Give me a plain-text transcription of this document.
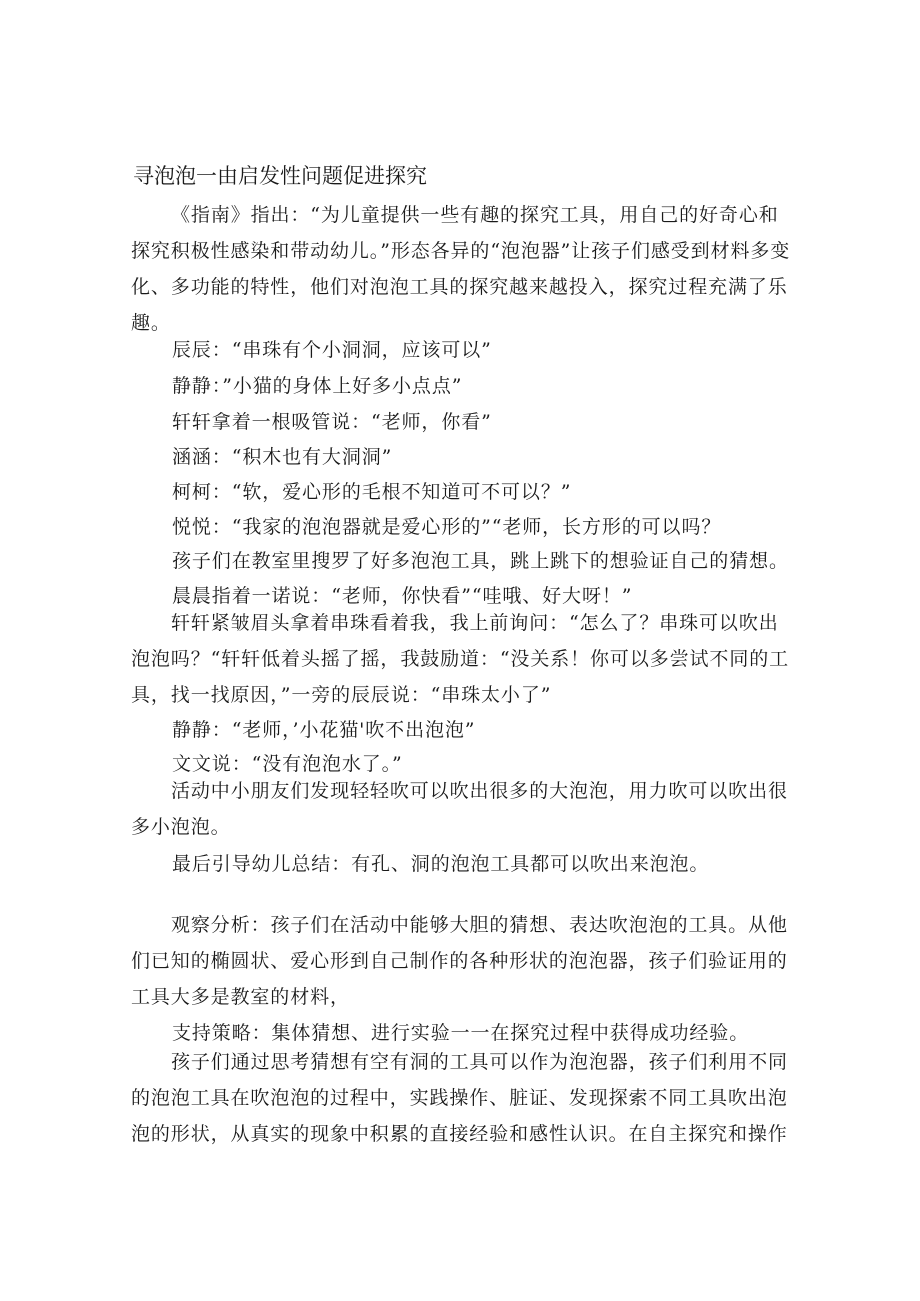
寻泡泡一由启发性问题促进探究

《指南》指出：“为儿童提供一些有趣的探究工具，用自己的好奇心和探究积极性感染和带动幼儿。”形态各异的“泡泡器”让孩子们感受到材料多变化、多功能的特性，他们对泡泡工具的探究越来越投入，探究过程充满了乐趣。

辰辰：“串珠有个小洞洞，应该可以”
静静：”小猫的身体上好多小点点”
轩轩拿着一根吸管说：“老师，你看”
涵涵：“积木也有大洞洞”
柯柯：“软，爱心形的毛根不知道可不可以？”
悦悦：“我家的泡泡器就是爱心形的”“老师，长方形的可以吗？
孩子们在教室里搜罗了好多泡泡工具，跳上跳下的想验证自己的猜想。
晨晨指着一诺说：“老师，你快看”“哇哦、好大呀！”

轩轩紧皱眉头拿着串珠看着我，我上前询问：“怎么了？串珠可以吹出泡泡吗？“轩轩低着头摇了摇，我鼓励道：“没关系！你可以多尝试不同的工具，找一找原因，”一旁的辰辰说：“串珠太小了”

静静：“老师，’小花猫'吹不出泡泡”
文文说：“没有泡泡水了。”

活动中小朋友们发现轻轻吹可以吹出很多的大泡泡，用力吹可以吹出很多小泡泡。

最后引导幼儿总结：有孔、洞的泡泡工具都可以吹出来泡泡。

观察分析：孩子们在活动中能够大胆的猜想、表达吹泡泡的工具。从他们已知的椭圆状、爱心形到自己制作的各种形状的泡泡器，孩子们验证用的工具大多是教室的材料，

支持策略：集体猜想、进行实验一一在探究过程中获得成功经验。

孩子们通过思考猜想有空有洞的工具可以作为泡泡器，孩子们利用不同的泡泡工具在吹泡泡的过程中，实践操作、脏证、发现探索不同工具吹出泡泡的形状，从真实的现象中积累的直接经验和感性认识。在自主探究和操作
